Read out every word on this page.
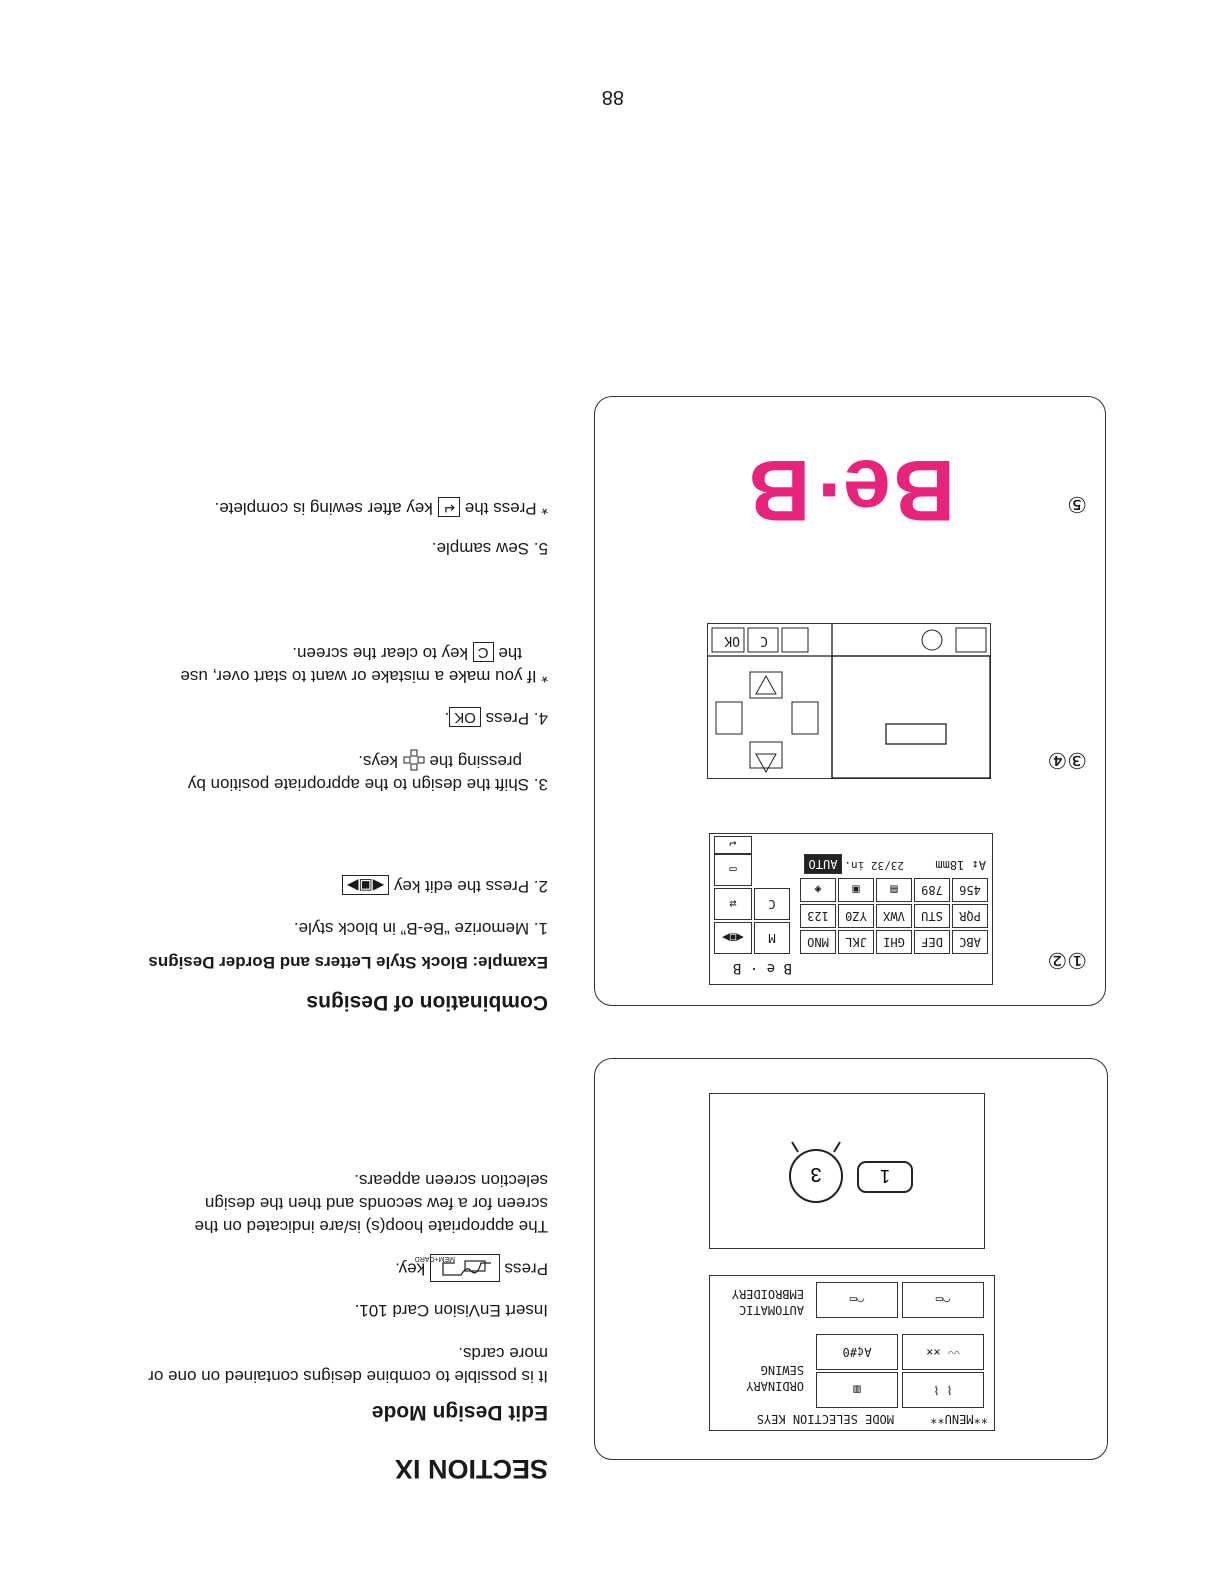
88
SECTION IX
Edit Design Mode
It is possible to combine designs contained on one or more cards.
Insert EnVision Card 101.
Press
MEM+CARD
key.
The appropriate hoop(s) is/are indicated on the screen for a few seconds and then the design selection screen appears.
Combination of Designs
Example: Block Style Letters and Border Designs
1. Memorize “Be-B” in block style.
2. Press the edit key ◀▣▶
3. Shift the design to the appropriate position by
pressing the  keys.
4. Press OK.
* If you make a mistake or want to start over, use
the C key to clear the screen.
5. Sew sample.
* Press the ↵ key after sewing is complete.
**MENU**
MODE SELECTION KEYS
ORDINARY SEWING
AUTOMATIC EMBROIDERY
⌇ ⌇
▥
〰 ××
A¢#0
⌒▭	⌒▭
1
3
①②
③④
⑤
B e · B
ABC
DEF
GHI
JKL
MNO
PQR
STU
VWX
YZ0
123
456
789
▤
▣
◈
A↕ 18mm
23/32 in.
AUTO
M
C
◀▣▶
⇄
▭
↵
C
OK
Be·B
